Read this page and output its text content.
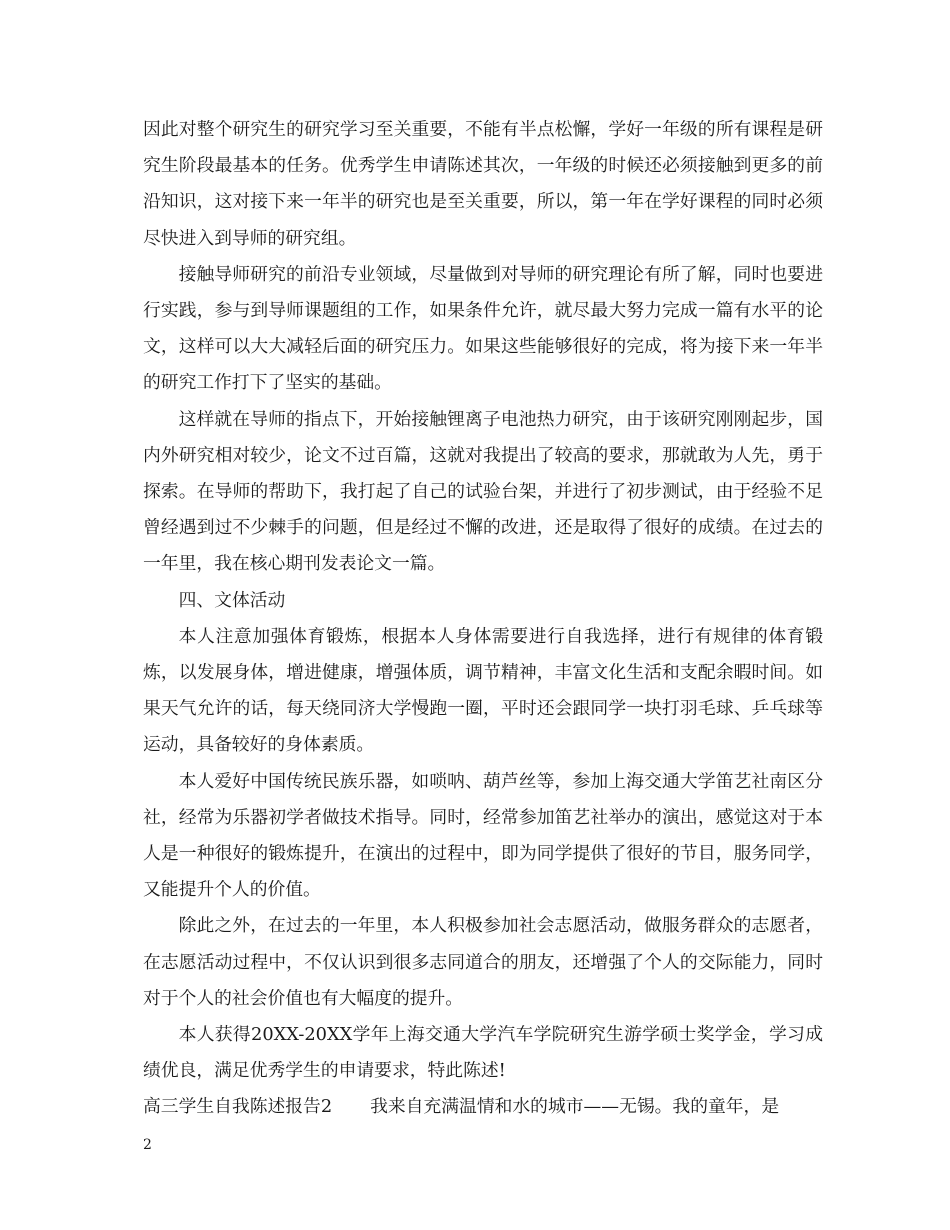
因此对整个研究生的研究学习至关重要，不能有半点松懈，学好一年级的所有课程是研究生阶段最基本的任务。优秀学生申请陈述其次，一年级的时候还必须接触到更多的前沿知识，这对接下来一年半的研究也是至关重要，所以，第一年在学好课程的同时必须尽快进入到导师的研究组。

接触导师研究的前沿专业领域，尽量做到对导师的研究理论有所了解，同时也要进行实践，参与到导师课题组的工作，如果条件允许，就尽最大努力完成一篇有水平的论文，这样可以大大减轻后面的研究压力。如果这些能够很好的完成，将为接下来一年半的研究工作打下了坚实的基础。

这样就在导师的指点下，开始接触锂离子电池热力研究，由于该研究刚刚起步，国内外研究相对较少，论文不过百篇，这就对我提出了较高的要求，那就敢为人先，勇于探索。在导师的帮助下，我打起了自己的试验台架，并进行了初步测试，由于经验不足曾经遇到过不少棘手的问题，但是经过不懈的改进，还是取得了很好的成绩。在过去的一年里，我在核心期刊发表论文一篇。

四、文体活动

本人注意加强体育锻炼，根据本人身体需要进行自我选择，进行有规律的体育锻炼，以发展身体，增进健康，增强体质，调节精神，丰富文化生活和支配余暇时间。如果天气允许的话，每天绕同济大学慢跑一圈，平时还会跟同学一块打羽毛球、乒乓球等运动，具备较好的身体素质。

本人爱好中国传统民族乐器，如唢呐、葫芦丝等，参加上海交通大学笛艺社南区分社，经常为乐器初学者做技术指导。同时，经常参加笛艺社举办的演出，感觉这对于本人是一种很好的锻炼提升，在演出的过程中，即为同学提供了很好的节目，服务同学，又能提升个人的价值。

除此之外，在过去的一年里，本人积极参加社会志愿活动，做服务群众的志愿者，在志愿活动过程中，不仅认识到很多志同道合的朋友，还增强了个人的交际能力，同时对于个人的社会价值也有大幅度的提升。

本人获得20XX-20XX学年上海交通大学汽车学院研究生游学硕士奖学金，学习成绩优良，满足优秀学生的申请要求，特此陈述!

高三学生自我陈述报告2 我来自充满温情和水的城市——无锡。我的童年，是

2
